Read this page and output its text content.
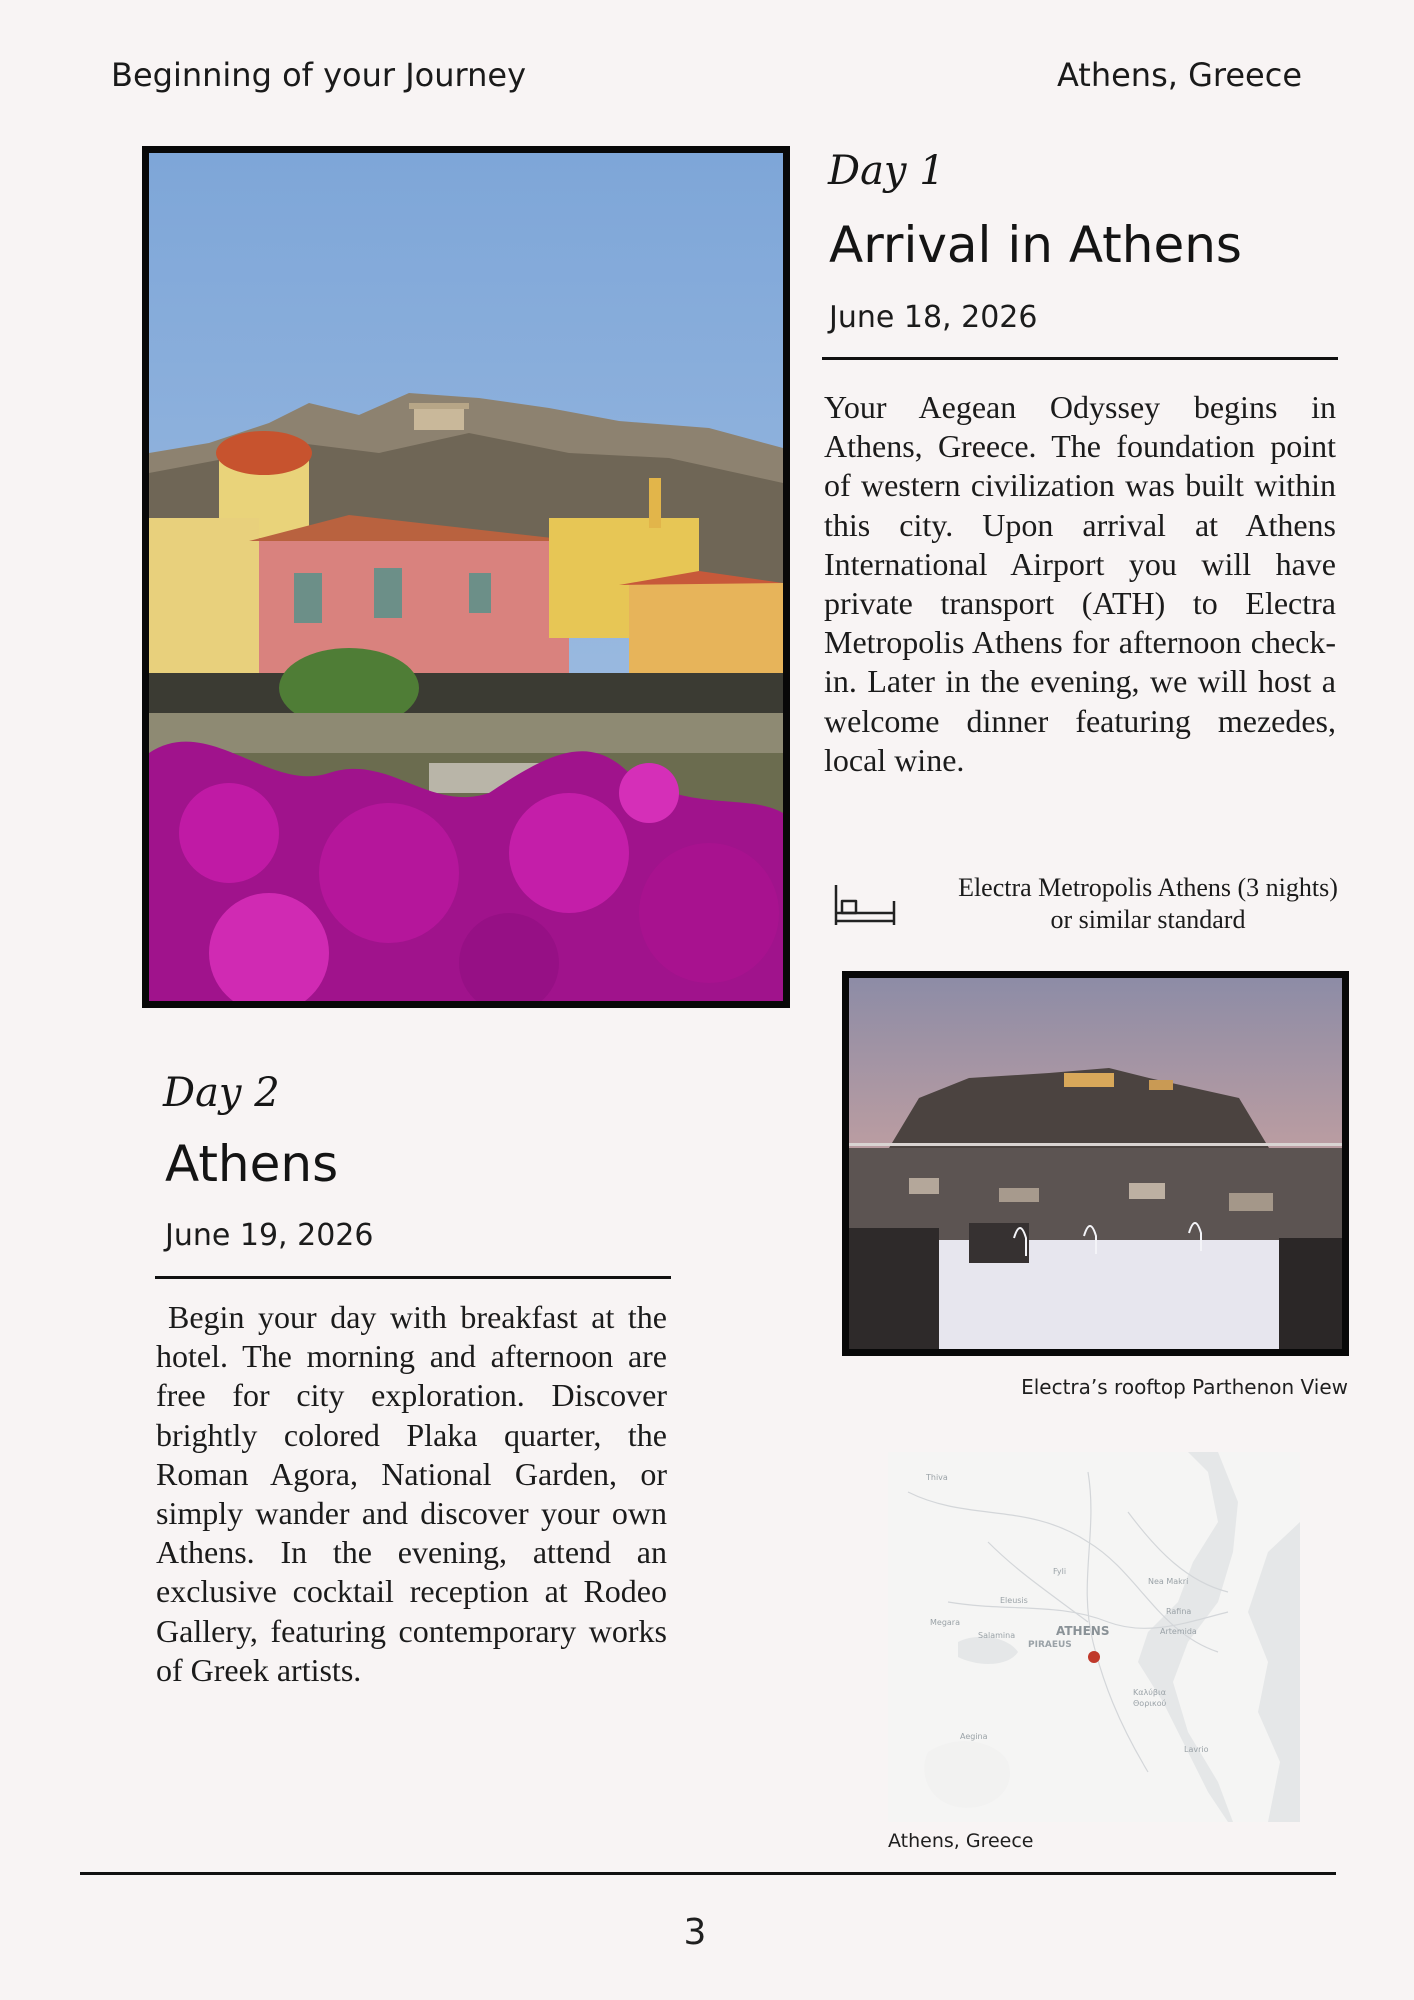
Beginning of your Journey	Athens, Greece
Day 1
Arrival in Athens
June 18, 2026
Your Aegean Odyssey begins in Athens, Greece. The foundation point of western civilization was built within this city. Upon arrival at Athens International Airport you will have private transport (ATH) to Electra Metropolis Athens for afternoon check-in. Later in the evening, we will host a welcome dinner featuring mezedes, local wine.
Electra Metropolis Athens (3 nights)
or similar standard
Electra’s rooftop Parthenon View
Day 2
Athens
June 19, 2026
Begin your day with breakfast at the hotel. The morning and afternoon are free for city exploration. Discover brightly colored Plaka quarter, the Roman Agora, National Garden, or simply wander and discover your own Athens. In the evening, attend an exclusive cocktail reception at Rodeo Gallery, featuring contemporary works of Greek artists.
Thiva
Fyli
Nea Makri
Eleusis
Rafina
Megara
Salamina	ATHENS
PIRAEUS
Artemida
Καλύβια
Θορικού
Aegina
Lavrio
Athens, Greece
3
